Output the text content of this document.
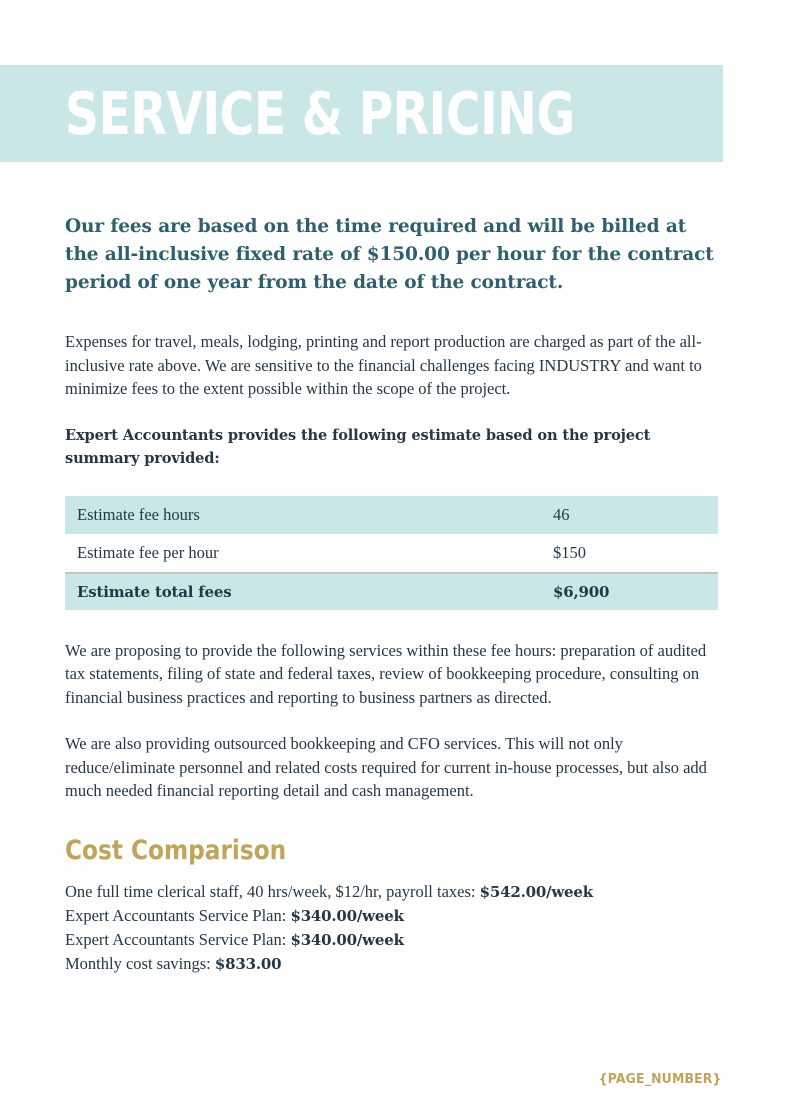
SERVICE & PRICING

Our fees are based on the time required and will be billed at the all-inclusive fixed rate of $150.00 per hour for the contract period of one year from the date of the contract.

Expenses for travel, meals, lodging, printing and report production are charged as part of the all-inclusive rate above. We are sensitive to the financial challenges facing INDUSTRY and want to minimize fees to the extent possible within the scope of the project.

Expert Accountants provides the following estimate based on the project summary provided:

Estimate fee hours	46
Estimate fee per hour	$150
Estimate total fees	$6,900

We are proposing to provide the following services within these fee hours: preparation of audited tax statements, filing of state and federal taxes, review of bookkeeping procedure, consulting on financial business practices and reporting to business partners as directed.

We are also providing outsourced bookkeeping and CFO services. This will not only reduce/eliminate personnel and related costs required for current in-house processes, but also add much needed financial reporting detail and cash management.

Cost Comparison

One full time clerical staff, 40 hrs/week, $12/hr, payroll taxes: $542.00/week

Expert Accountants Service Plan: $340.00/week

Expert Accountants Service Plan: $340.00/week

Monthly cost savings: $833.00

{PAGE_NUMBER}
